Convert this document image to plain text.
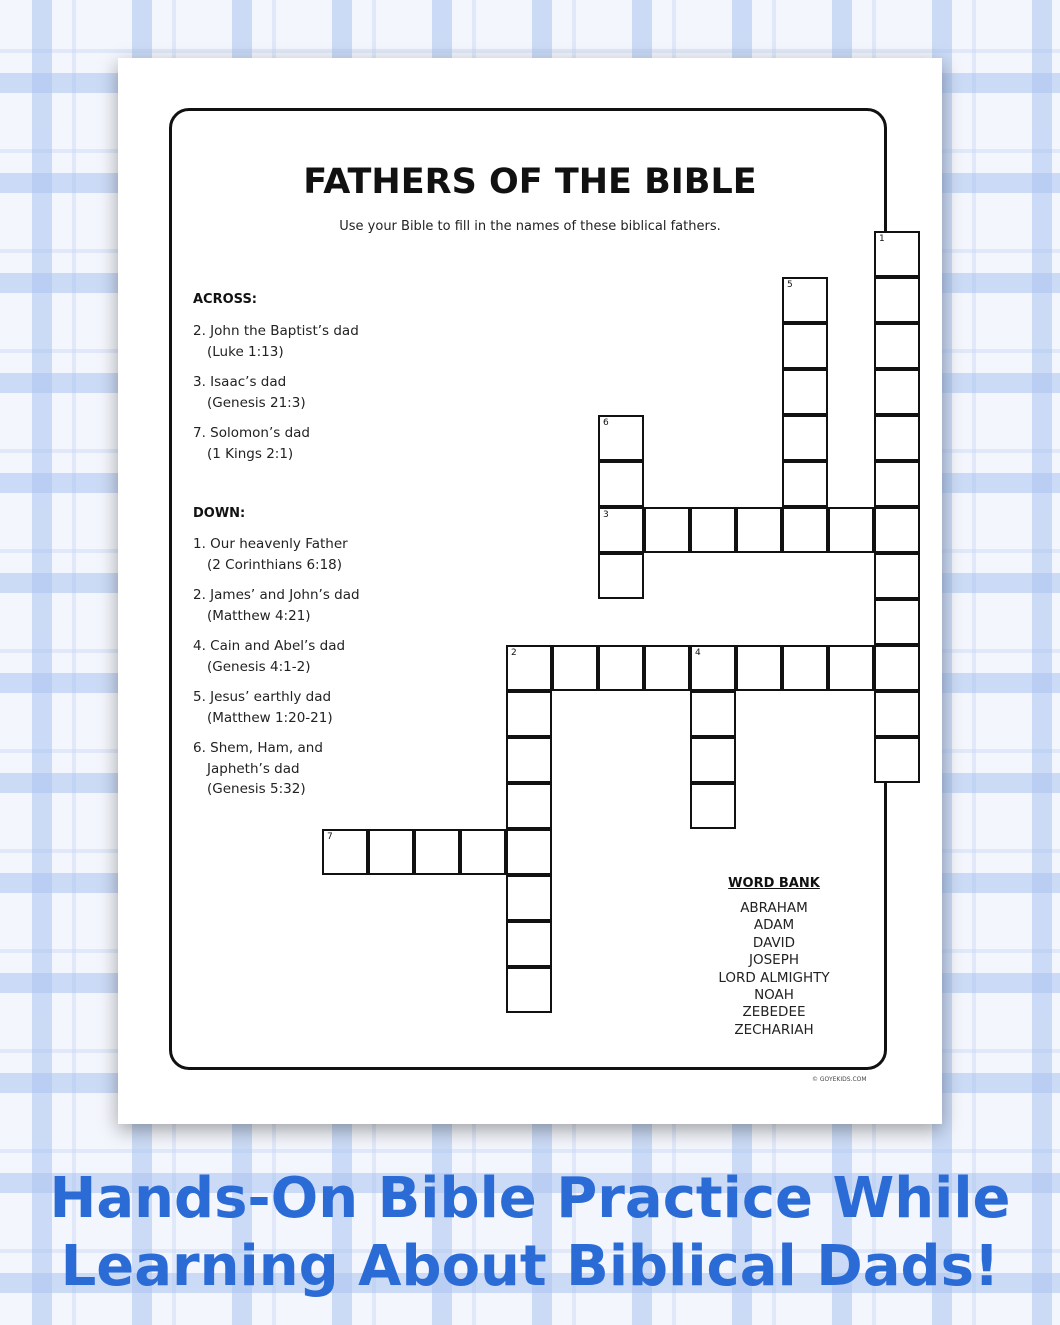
FATHERS OF THE BIBLE
Use your Bible to fill in the names of these biblical fathers.
ACROSS:
2. John the Baptist’s dad
(Luke 1:13)
3. Isaac’s dad
(Genesis 21:3)
7. Solomon’s dad
(1 Kings 2:1)
DOWN:
1. Our heavenly Father
(2 Corinthians 6:18)
2. James’ and John’s dad
(Matthew 4:21)
4. Cain and Abel’s dad
(Genesis 4:1-2)
5. Jesus’ earthly dad
(Matthew 1:20-21)
6. Shem, Ham, and
Japheth’s dad
(Genesis 5:32)
1
5
6
3
2	4
7
WORD BANK
ABRAHAM
ADAM
DAVID
JOSEPH
LORD ALMIGHTY
NOAH
ZEBEDEE
ZECHARIAH
© GOYEKIDS.COM
Hands-On Bible Practice While
Learning About Biblical Dads!
